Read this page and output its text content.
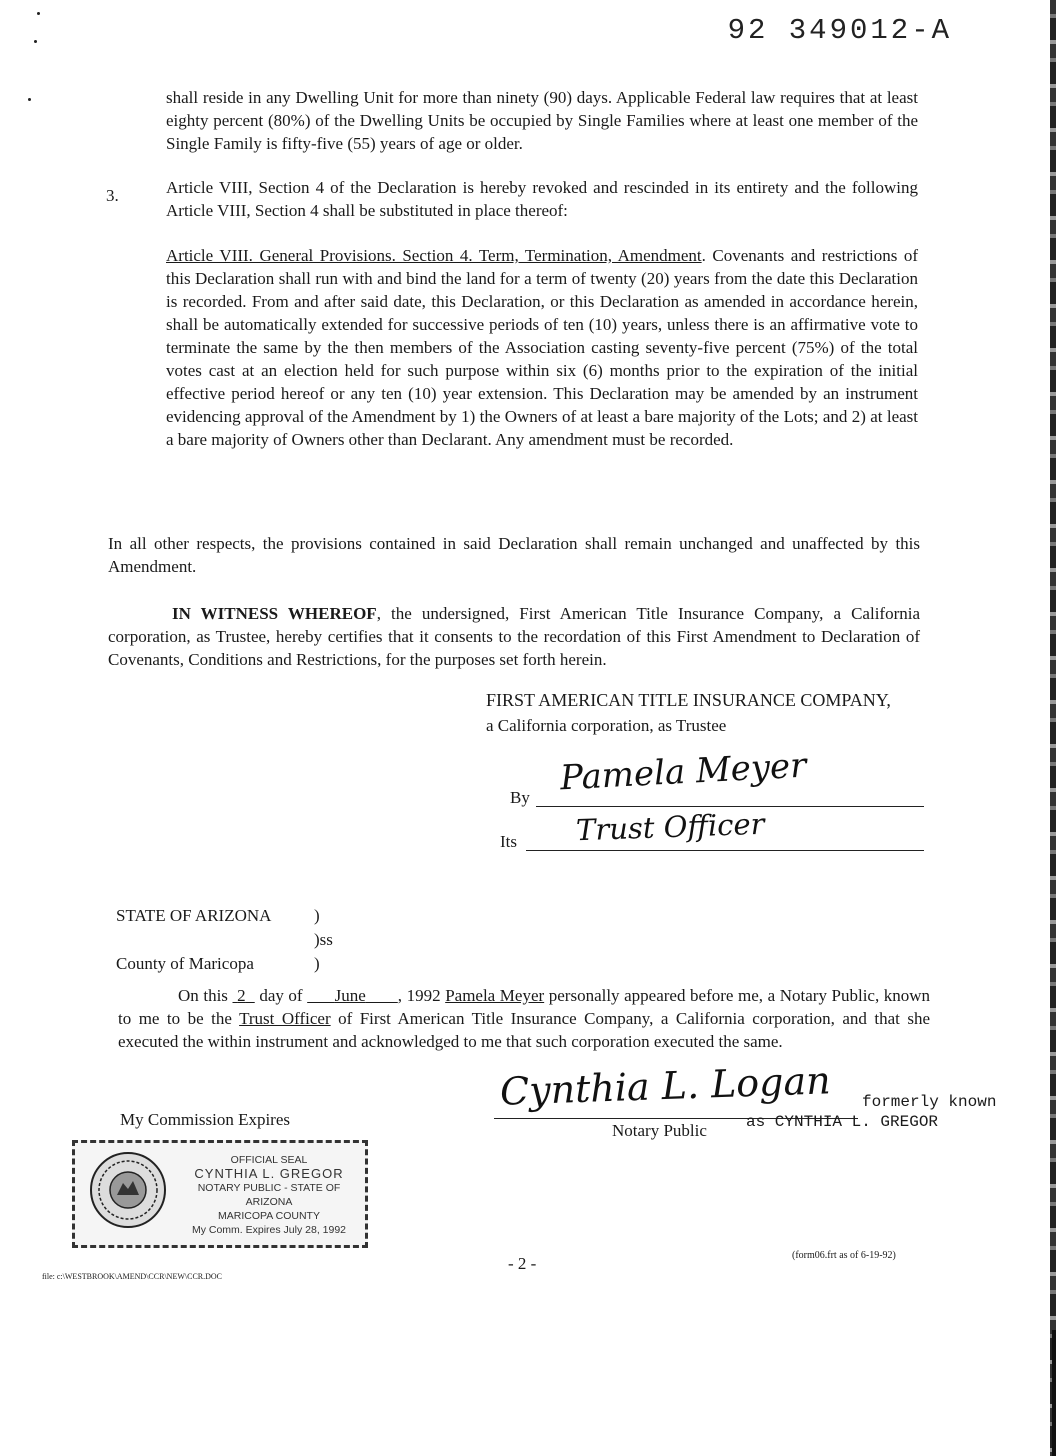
92 349012-A
shall reside in any Dwelling Unit for more than ninety (90) days. Applicable Federal law requires that at least eighty percent (80%) of the Dwelling Units be occupied by Single Families where at least one member of the Single Family is fifty-five (55) years of age or older.
3.	Article VIII, Section 4 of the Declaration is hereby revoked and rescinded in its entirety and the following Article VIII, Section 4 shall be substituted in place thereof:
Article VIII. General Provisions. Section 4. Term, Termination, Amendment. Covenants and restrictions of this Declaration shall run with and bind the land for a term of twenty (20) years from the date this Declaration is recorded. From and after said date, this Declaration, or this Declaration as amended in accordance herein, shall be automatically extended for successive periods of ten (10) years, unless there is an affirmative vote to terminate the same by the then members of the Association casting seventy-five percent (75%) of the total votes cast at an election held for such purpose within six (6) months prior to the expiration of the initial effective period hereof or any ten (10) year extension. This Declaration may be amended by an instrument evidencing approval of the Amendment by 1) the Owners of at least a bare majority of the Lots; and 2) at least a bare majority of Owners other than Declarant. Any amendment must be recorded.
In all other respects, the provisions contained in said Declaration shall remain unchanged and unaffected by this Amendment.
IN WITNESS WHEREOF, the undersigned, First American Title Insurance Company, a California corporation, as Trustee, hereby certifies that it consents to the recordation of this First Amendment to Declaration of Covenants, Conditions and Restrictions, for the purposes set forth herein.
FIRST AMERICAN TITLE INSURANCE COMPANY,
a California corporation, as Trustee
By Pamela Meyer
Its Trust Officer
STATE OF ARIZONA	)
)ss
County of Maricopa	)
On this 2 day of June , 1992 Pamela Meyer personally appeared before me, a Notary Public, known to me to be the Trust Officer of First American Title Insurance Company, a California corporation, and that she executed the within instrument and acknowledged to me that such corporation executed the same.
Cynthia L. Logan formerly known
as CYNTHIA L. GREGOR
Notary Public
My Commission Expires
OFFICIAL SEAL
CYNTHIA L. GREGOR
NOTARY PUBLIC - STATE OF ARIZONA
MARICOPA COUNTY
My Comm. Expires July 28, 1992
- 2 -	(form06.frt as of 6-19-92)
file: c:\WESTBROOK\AMEND\CCR\NEW\CCR.DOC
